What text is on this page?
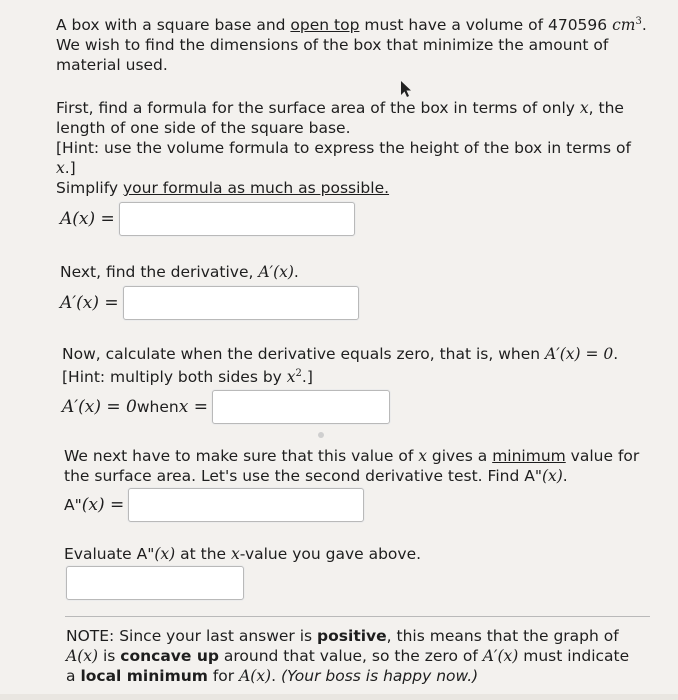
A box with a square base and open top must have a volume of 470596 $cm^3$.

We wish to find the dimensions of the box that minimize the amount of

material used.

First, find a formula for the surface area of the box in terms of only x, the

length of one side of the square base.

[Hint: use the volume formula to express the height of the box in terms of
x.]

Simplify your formula as much as possible.

A(x) =

Next, find the derivative, A′(x).

A′(x) =

Now, calculate when the derivative equals zero, that is, when A′(x) = 0.

[Hint: multiply both sides by $x^2$.]

A′(x) = 0 when x =

We next have to make sure that this value of x gives a minimum value for

the surface area. Let's use the second derivative test. Find A"(x).

A" (x) =

Evaluate A"(x) at the x-value you gave above.

NOTE: Since your last answer is positive, this means that the graph of

A(x) is concave up around that value, so the zero of A′(x) must indicate

a local minimum for A(x). (Your boss is happy now.)
